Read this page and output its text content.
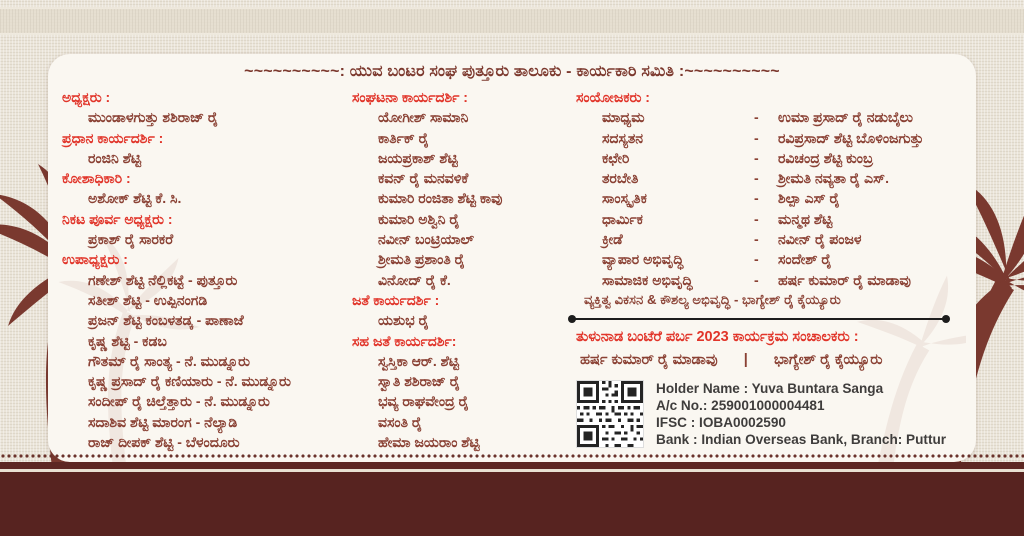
~~~~~~~~~~: ಯುವ ಬಂಟರ ಸಂಘ ಪುತ್ತೂರು ತಾಲೂಕು - ಕಾರ್ಯಕಾರಿ ಸಮಿತಿ :~~~~~~~~~~
ಅಧ್ಯಕ್ಷರು :
ಮುಂಡಾಳಗುತ್ತು ಶಶಿರಾಜ್ ರೈ
ಪ್ರಧಾನ ಕಾರ್ಯದರ್ಶಿ :
ರಂಜಿನಿ ಶೆಟ್ಟಿ
ಕೋಶಾಧಿಕಾರಿ :
ಅಶೋಕ್ ಶೆಟ್ಟಿ ಕೆ. ಸಿ.
ನಿಕಟ ಪೂರ್ವ ಅಧ್ಯಕ್ಷರು :
ಪ್ರಕಾಶ್ ರೈ ಸಾರಕರೆ
ಉಪಾಧ್ಯಕ್ಷರು :
ಗಣೇಶ್ ಶೆಟ್ಟಿ ನೆಲ್ಲಿಕಟ್ಟೆ - ಪುತ್ತೂರು
ಸತೀಶ್ ಶೆಟ್ಟಿ - ಉಪ್ಪಿನಂಗಡಿ
ಪ್ರಜನ್ ಶೆಟ್ಟಿ ಕಂಬಳತಡ್ಕ - ಪಾಣಾಜೆ
ಕೃಷ್ಣ ಶೆಟ್ಟಿ - ಕಡಬ
ಗೌತಮ್ ರೈ ಸಾಂತ್ಯ - ನೆ. ಮುಡ್ನೂರು
ಕೃಷ್ಣ ಪ್ರಸಾದ್ ರೈ ಕಣಿಯಾರು - ನೆ. ಮುಡ್ನೂರು
ಸಂದೀಪ್ ರೈ ಚಿಲ್ತೆತ್ತಾರು - ನೆ. ಮುಡ್ನೂರು
ಸದಾಶಿವ ಶೆಟ್ಟಿ ಮಾರಂಗ - ನೆಲ್ಯಾಡಿ
ರಾಜ್ ದೀಪಕ್ ಶೆಟ್ಟಿ - ಬೆಳಂದೂರು
ಸಂಘಟನಾ ಕಾರ್ಯದರ್ಶಿ :
ಯೋಗೀಶ್ ಸಾಮಾನಿ
ಕಾರ್ತಿಕ್ ರೈ
ಜಯಪ್ರಕಾಶ್ ಶೆಟ್ಟಿ
ಕವನ್ ರೈ ಮನವಳಿಕೆ
ಕುಮಾರಿ ರಂಜಿತಾ ಶೆಟ್ಟಿ ಕಾವು
ಕುಮಾರಿ ಅಶ್ವಿನಿ ರೈ
ನವೀನ್ ಬಂಟ್ರಿಯಾಲ್
ಶ್ರೀಮತಿ ಪ್ರಶಾಂತಿ ರೈ
ವಿನೋದ್ ರೈ ಕೆ.
ಜತೆ ಕಾರ್ಯದರ್ಶಿ :
ಯಶುಭ ರೈ
ಸಹ ಜತೆ ಕಾರ್ಯದರ್ಶಿ:
ಸ್ವಸ್ತಿಕಾ ಆರ್. ಶೆಟ್ಟಿ
ಸ್ವಾತಿ ಶಶಿರಾಜ್ ರೈ
ಭವ್ಯ ರಾಘವೇಂದ್ರ ರೈ
ವಸಂತಿ ರೈ
ಹೇಮಾ ಜಯರಾಂ ಶೆಟ್ಟಿ
ಸಂಯೋಜಕರು :
ಮಾಧ್ಯಮ	-	ಉಮಾ ಪ್ರಸಾದ್ ರೈ ನಡುಬೈಲು
ಸದಸ್ಯತನ	-	ರವಿಪ್ರಸಾದ್ ಶೆಟ್ಟಿ ಬೊಳಿಂಜಗುತ್ತು
ಕಛೇರಿ	-	ರವಿಚಂದ್ರ ಶೆಟ್ಟಿ ಕುಂಬ್ರ
ತರಬೇತಿ	-	ಶ್ರೀಮತಿ ನವ್ಯತಾ ರೈ ಎಸ್.
ಸಾಂಸ್ಕೃತಿಕ	-	ಶಿಲ್ಪಾ ಎಸ್ ರೈ
ಧಾರ್ಮಿಕ	-	ಮನ್ಮಥ ಶೆಟ್ಟಿ
ಕ್ರೀಡೆ	-	ನವೀನ್ ರೈ ಪಂಜಳ
ವ್ಯಾಪಾರ ಅಭಿವೃದ್ಧಿ	-	ಸಂದೇಶ್ ರೈ
ಸಾಮಾಜಿಕ ಅಭಿವೃದ್ಧಿ	-	ಹರ್ಷ ಕುಮಾರ್ ರೈ ಮಾಡಾವು
ವ್ಯಕ್ತಿತ್ವ ವಿಕಸನ & ಕೌಶಲ್ಯ ಅಭಿವೃದ್ಧಿ - ಭಾಗ್ಯೇಶ್ ರೈ ಕೈಯ್ಯೂರು
ತುಳುನಾಡ ಬಂಟೆರೆ ಪರ್ಬ 2023 ಕಾರ್ಯಕ್ರಮ ಸಂಚಾಲಕರು :
ಹರ್ಷ ಕುಮಾರ್ ರೈ ಮಾಡಾವು | ಭಾಗ್ಯೇಶ್ ರೈ ಕೈಯ್ಯೂರು
Holder Name : Yuva Buntara Sanga
A/c No.: 259001000004481
IFSC : IOBA0002590
Bank : Indian Overseas Bank, Branch: Puttur
